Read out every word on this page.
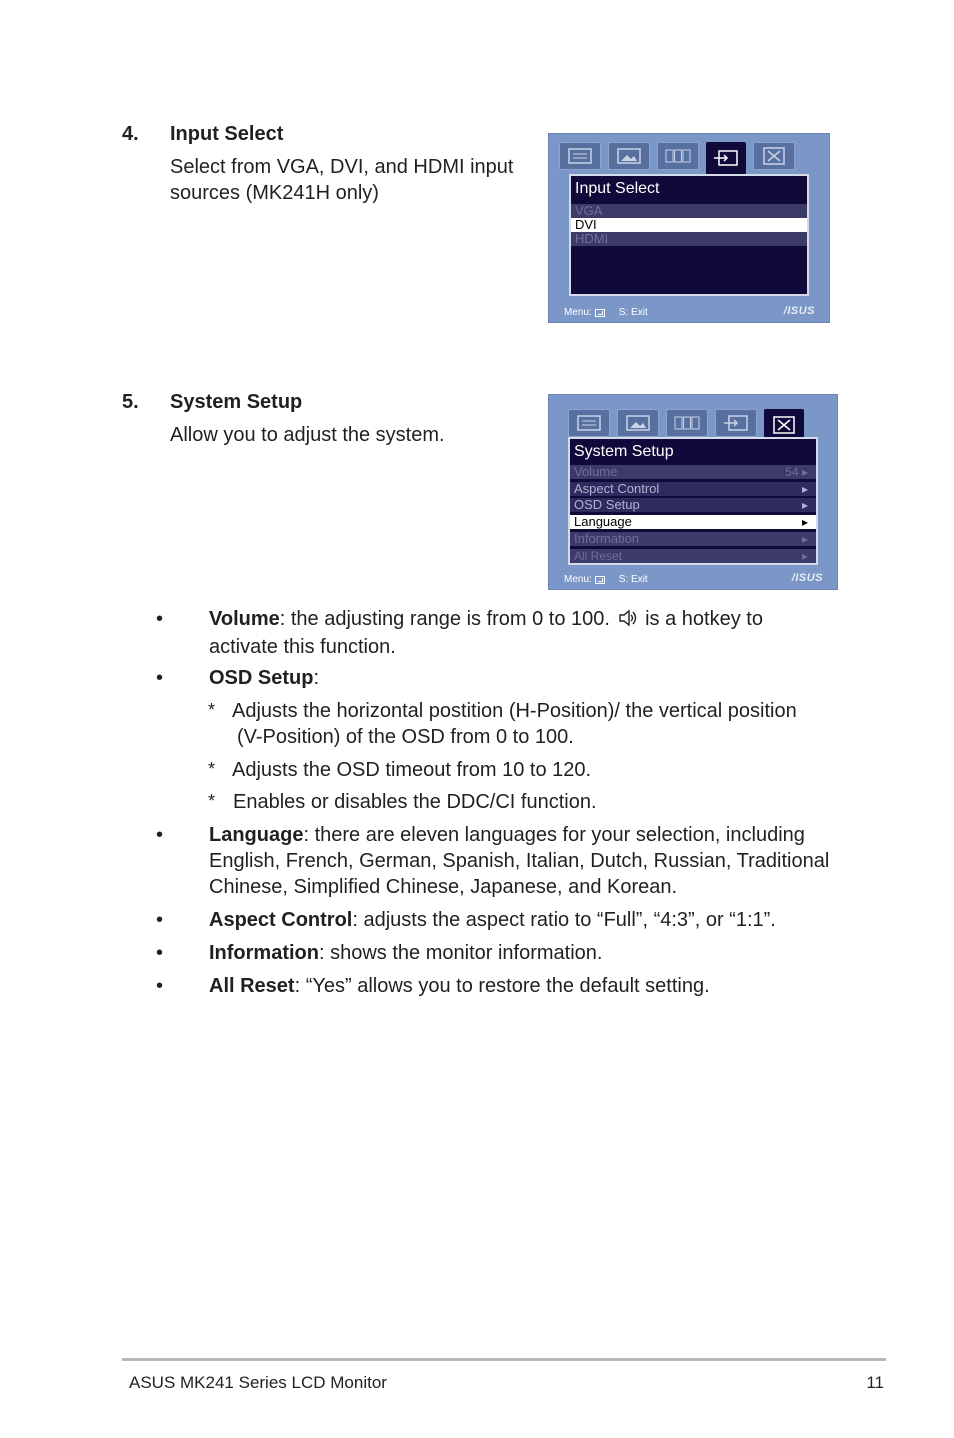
4. Input Select
Select from VGA, DVI, and HDMI input
sources (MK241H only)	Input Select
VGA
DVI
HDMI
Menu:	S: Exit	/ISUS
5. System Setup
Allow you to adjust the system.
System Setup
Volume	54 ▸
Aspect Control	▸
OSD Setup	▸
Language	▸
Information	▸
All Reset	▸
Menu:	S: Exit	/ISUS
• Volume: the adjusting range is from 0 to 100. is a hotkey to
activate this function.
• OSD Setup:
* Adjusts the horizontal postition (H-Position)/ the vertical position
(V-Position) of the OSD from 0 to 100.
* Adjusts the OSD timeout from 10 to 120.
* Enables or disables the DDC/CI function.
• Language: there are eleven languages for your selection, including
English, French, German, Spanish, Italian, Dutch, Russian, Traditional
Chinese, Simplified Chinese, Japanese, and Korean.
• Aspect Control: adjusts the aspect ratio to “Full”, “4:3”, or “1:1”.
• Information: shows the monitor information.
• All Reset: “Yes” allows you to restore the default setting.
ASUS MK241 Series LCD Monitor	11
